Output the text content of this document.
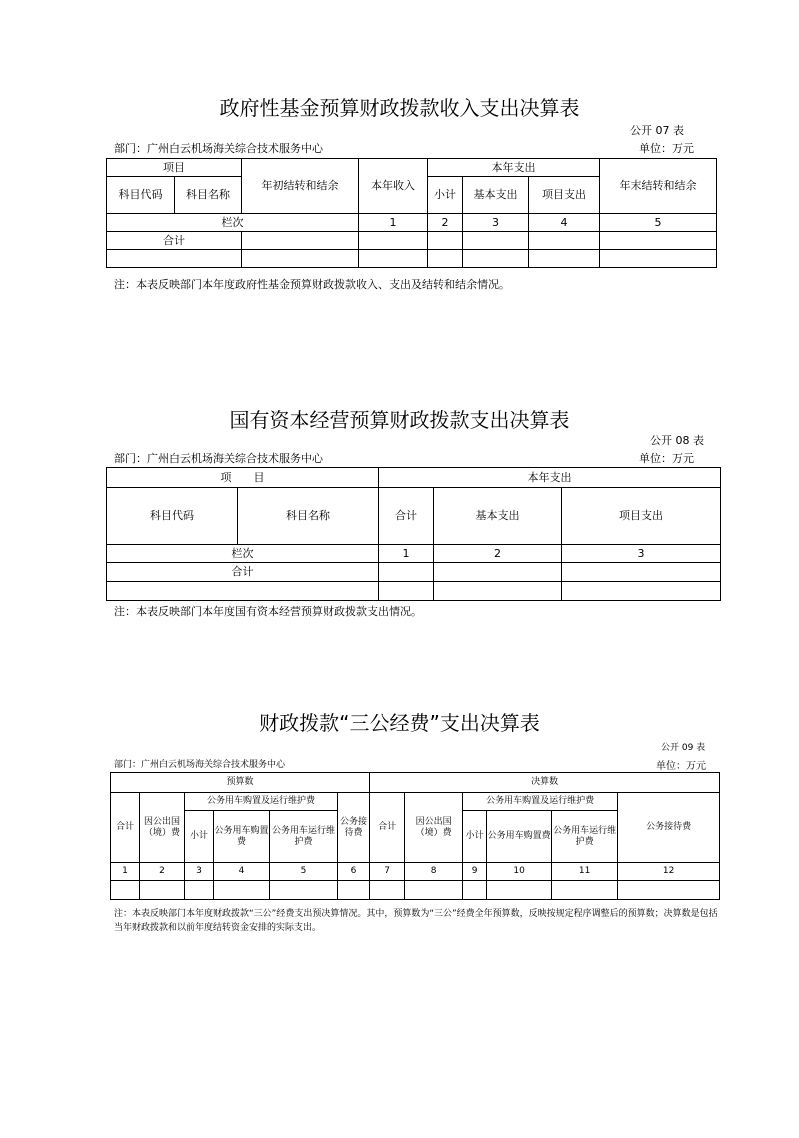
政府性基金预算财政拨款收入支出决算表
公开 07 表
部门：广州白云机场海关综合技术服务中心	单位：万元
项目		年初结转和结余	本年收入	本年支出			年末结转和结余	
科目代码	科目名称			小计	基本支出	项目支出		
栏次			1	2	3	4	5	
合计								

注：本表反映部门本年度政府性基金预算财政拨款收入、支出及结转和结余情况。
国有资本经营预算财政拨款支出决算表
公开 08 表
部门：广州白云机场海关综合技术服务中心	单位：万元
项　　目		本年支出		
科目代码	科目名称	合计	基本支出	项目支出
栏次		1	2	3
合计				

注：本表反映部门本年度国有资本经营预算财政拨款支出情况。
财政拨款“三公经费”支出决算表
公开 09 表
部门：广州白云机场海关综合技术服务中心	单位：万元
预算数						决算数					
合计	因公出国（境）费	公务用车购置及运行维护费			公务接待费	合计	因公出国（境）费	公务用车购置及运行维护费			公务接待费
		小计	公务用车购置费	公务用车运行维护费				小计	公务用车购置费	公务用车运行维护费	
1	2	3	4	5	6	7	8	9	10	11	12

注：本表反映部门本年度财政拨款“三公”经费支出预决算情况。其中，预算数为“三公”经费全年预算数，反映按规定程序调整后的预算数；决算数是包括当年财政拨款和以前年度结转资金安排的实际支出。
